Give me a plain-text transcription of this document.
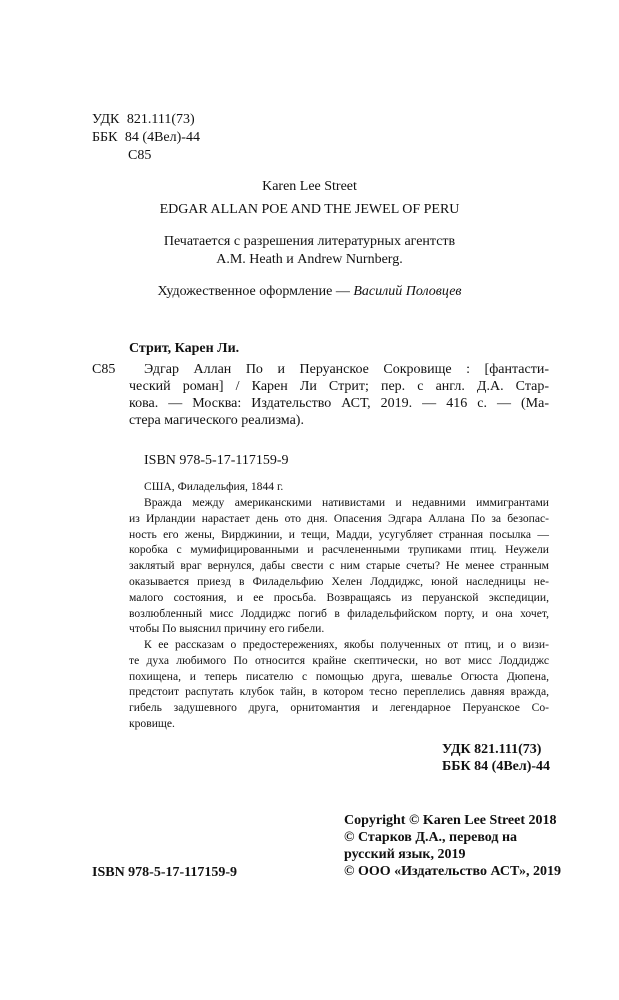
УДК 821.111(73)
ББК 84 (4Вел)-44
С85
Karen Lee Street
EDGAR ALLAN POE AND THE JEWEL OF PERU
Печатается с разрешения литературных агентств
A.M. Heath и Andrew Nurnberg.
Художественное оформление — Василий Половцев
Стрит, Карен Ли.
С85 Эдгар Аллан По и Перуанское Сокровище : [фантасти-
ческий роман] / Карен Ли Стрит; пер. с англ. Д.А. Стар-
кова. — Москва: Издательство АСТ, 2019. — 416 с. — (Ма-
стера магического реализма).
ISBN 978-5-17-117159-9
США, Филадельфия, 1844 г.
Вражда между американскими нативистами и недавними иммигрантами
из Ирландии нарастает день ото дня. Опасения Эдгара Аллана По за безопас-
ность его жены, Вирджинии, и тещи, Мадди, усугубляет странная посылка —
коробка с мумифицированными и расчлененными трупиками птиц. Неужели
заклятый враг вернулся, дабы свести с ним старые счеты? Не менее странным
оказывается приезд в Филадельфию Хелен Лоддиджс, юной наследницы не-
малого состояния, и ее просьба. Возвращаясь из перуанской экспедиции,
возлюбленный мисс Лоддиджс погиб в филадельфийском порту, и она хочет,
чтобы По выяснил причину его гибели.
К ее рассказам о предостережениях, якобы полученных от птиц, и о визи-
те духа любимого По относится крайне скептически, но вот мисс Лоддиджс
похищена, и теперь писателю с помощью друга, шевалье Огюста Дюпена,
предстоит распутать клубок тайн, в котором тесно переплелись давняя вражда,
гибель задушевного друга, орнитомантия и легендарное Перуанское Со-
кровище.
УДК 821.111(73)
ББК 84 (4Вел)-44
ISBN 978-5-17-117159-9
Copyright © Karen Lee Street 2018
© Старков Д.А., перевод на
русский язык, 2019
© ООО «Издательство АСТ», 2019
